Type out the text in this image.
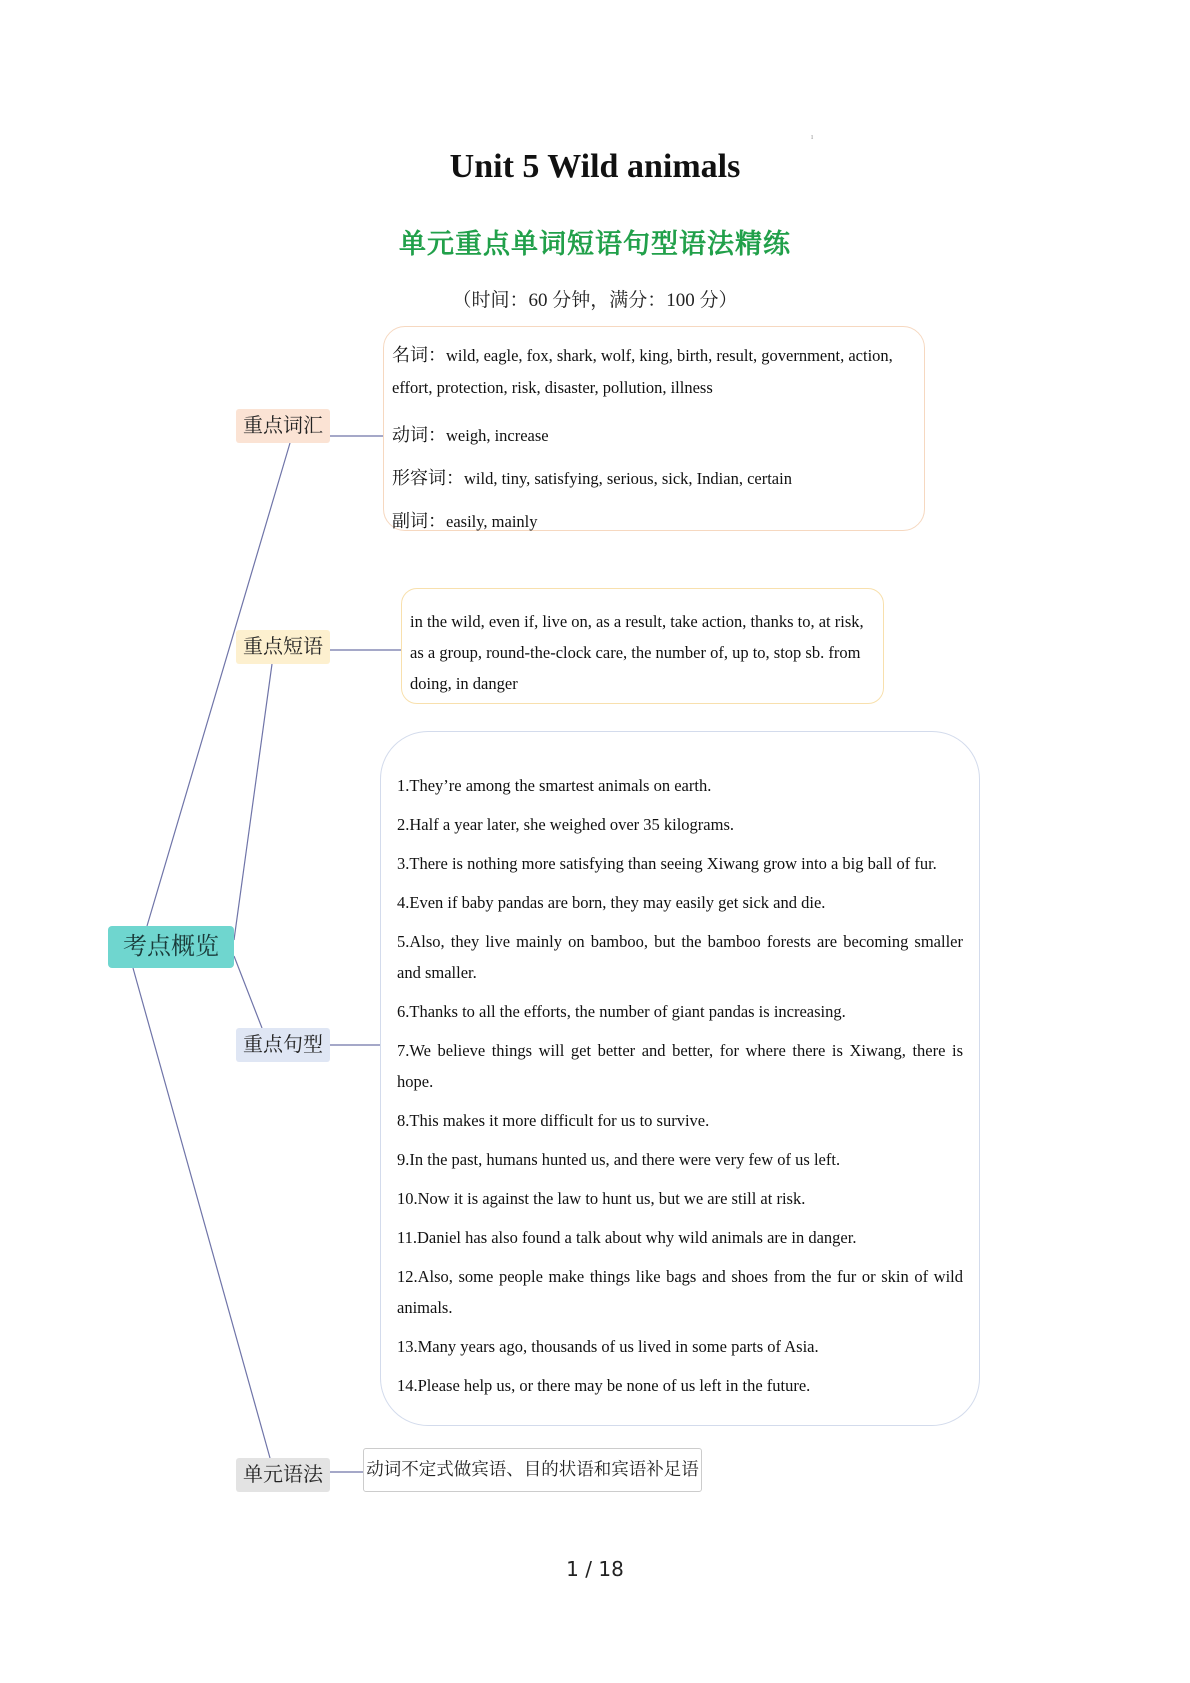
Unit 5 Wild animals
单元重点单词短语句型语法精练
（时间：60 分钟，满分：100 分）
ı
考点概览
重点词汇
重点短语
重点句型
单元语法
名词：wild, eagle, fox, shark, wolf, king, birth, result, government, action, effort, protection, risk, disaster, pollution, illness
动词：weigh, increase
形容词：wild, tiny, satisfying, serious, sick, Indian, certain
副词：easily, mainly
in the wild, even if, live on, as a result, take action, thanks to, at risk, as a group, round-the-clock care, the number of, up to, stop sb. from doing, in danger
1.They’re among the smartest animals on earth.
2.Half a year later, she weighed over 35 kilograms.
3.There is nothing more satisfying than seeing Xiwang grow into a big ball of fur.
4.Even if baby pandas are born, they may easily get sick and die.
5.Also, they live mainly on bamboo, but the bamboo forests are becoming smaller and smaller.
6.Thanks to all the efforts, the number of giant pandas is increasing.
7.We believe things will get better and better, for where there is Xiwang, there is hope.
8.This makes it more difficult for us to survive.
9.In the past, humans hunted us, and there were very few of us left.
10.Now it is against the law to hunt us, but we are still at risk.
11.Daniel has also found a talk about why wild animals are in danger.
12.Also, some people make things like bags and shoes from the fur or skin of wild animals.
13.Many years ago, thousands of us lived in some parts of Asia.
14.Please help us, or there may be none of us left in the future.
动词不定式做宾语、目的状语和宾语补足语
1 / 18
